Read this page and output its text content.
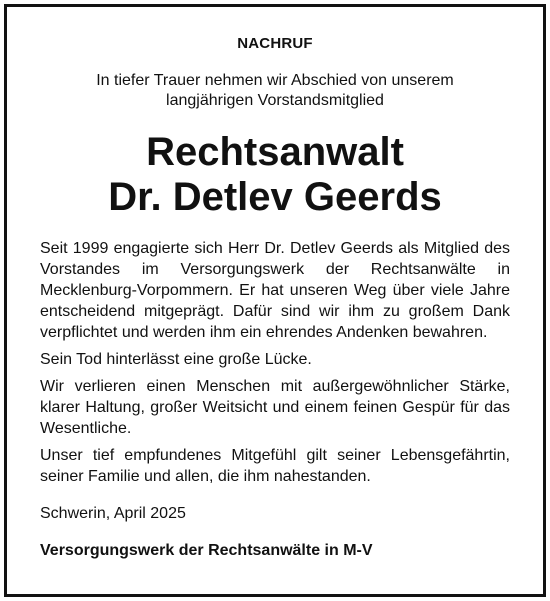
NACHRUF
In tiefer Trauer nehmen wir Abschied von unserem
langjährigen Vorstandsmitglied
Rechtsanwalt
Dr. Detlev Geerds

Seit 1999 engagierte sich Herr Dr. Detlev Geerds als Mitglied des Vorstandes im Versorgungswerk der Rechtsanwälte in Mecklenburg-Vorpommern. Er hat unseren Weg über viele Jahre entscheidend mitgeprägt. Dafür sind wir ihm zu großem Dank verpflichtet und werden ihm ein ehrendes Andenken bewahren.

Sein Tod hinterlässt eine große Lücke.

Wir verlieren einen Menschen mit außergewöhnlicher Stärke, klarer Haltung, großer Weitsicht und einem feinen Gespür für das Wesentliche.

Unser tief empfundenes Mitgefühl gilt seiner Lebensgefährtin, seiner Familie und allen, die ihm nahestanden.

Schwerin, April 2025
Versorgungswerk der Rechtsanwälte in M-V
